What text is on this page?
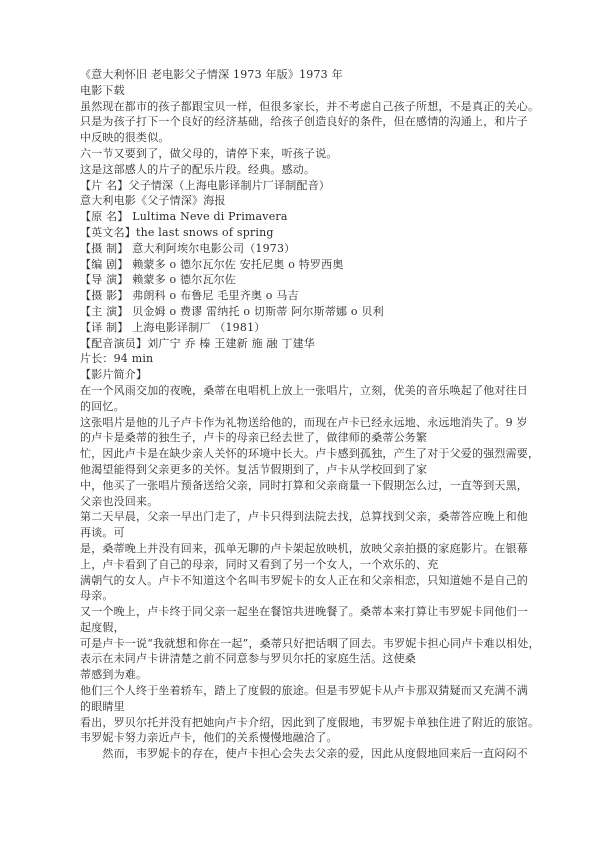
《意大利怀旧 老电影父子情深 1973 年版》1973 年
电影下载
虽然现在都市的孩子都跟宝贝一样，但很多家长，并不考虑自己孩子所想，不是真正的关心。
只是为孩子打下一个良好的经济基础，给孩子创造良好的条件，但在感情的沟通上，和片子
中反映的很类似。
六一节又要到了，做父母的，请停下来，听孩子说。
这是这部感人的片子的配乐片段。经典。感动。
【片 名】父子情深（上海电影译制片厂译制配音）
意大利电影《父子情深》海报
【原 名】 Lultima Neve di Primavera
【英文名】the last snows of spring
【摄 制】 意大利阿埃尔电影公司（1973）
【编 剧】 赖蒙多 o 德尔瓦尔佐 安托尼奥 o 特罗西奥
【导 演】 赖蒙多 o 德尔瓦尔佐
【摄 影】 弗朗科 o 布鲁尼 毛里齐奥 o 马吉
【主 演】 贝金姆 o 费谬 雷纳托 o 切斯蒂 阿尔斯蒂娜 o 贝利
【译 制】 上海电影译制厂 （1981）
【配音演员】刘广宁 乔 榛 王建新 施 融 丁建华
片长：94 min
【影片简介】
在一个风雨交加的夜晚，桑蒂在电唱机上放上一张唱片，立刻，优美的音乐唤起了他对往日
的回忆。
这张唱片是他的儿子卢卡作为礼物送给他的，而现在卢卡已经永远地、永远地消失了。9 岁
的卢卡是桑蒂的独生子，卢卡的母亲已经去世了，做律师的桑蒂公务繁
忙，因此卢卡是在缺少亲人关怀的环境中长大。卢卡感到孤独，产生了对于父爱的强烈需要，
他渴望能得到父亲更多的关怀。复活节假期到了，卢卡从学校回到了家
中，他买了一张唱片预备送给父亲，同时打算和父亲商量一下假期怎么过，一直等到天黑，
父亲也没回来。
第二天早晨，父亲一早出门走了，卢卡只得到法院去找，总算找到父亲，桑蒂答应晚上和他
再谈。可
是，桑蒂晚上并没有回来，孤单无聊的卢卡架起放映机，放映父亲拍摄的家庭影片。在银幕
上，卢卡看到了自己的母亲，同时又看到了另一个女人，一个欢乐的、充
满朝气的女人。卢卡不知道这个名叫韦罗妮卡的女人正在和父亲相恋，只知道她不是自己的
母亲。
又一个晚上，卢卡终于同父亲一起坐在餐馆共进晚餐了。桑蒂本来打算让韦罗妮卡同他们一
起度假，
可是卢卡一说“我就想和你在一起”，桑蒂只好把话咽了回去。韦罗妮卡担心同卢卡难以相处，
表示在未同卢卡讲清楚之前不同意参与罗贝尔托的家庭生活。这使桑
蒂感到为难。
他们三个人终于坐着轿车，踏上了度假的旅途。但是韦罗妮卡从卢卡那双猜疑而又充满不满
的眼睛里
看出，罗贝尔托并没有把她向卢卡介绍，因此到了度假地，韦罗妮卡单独住进了附近的旅馆。
韦罗妮卡努力亲近卢卡，他们的关系慢慢地融洽了。
　　然而，韦罗妮卡的存在，使卢卡担心会失去父亲的爱，因此从度假地回来后一直闷闷不
